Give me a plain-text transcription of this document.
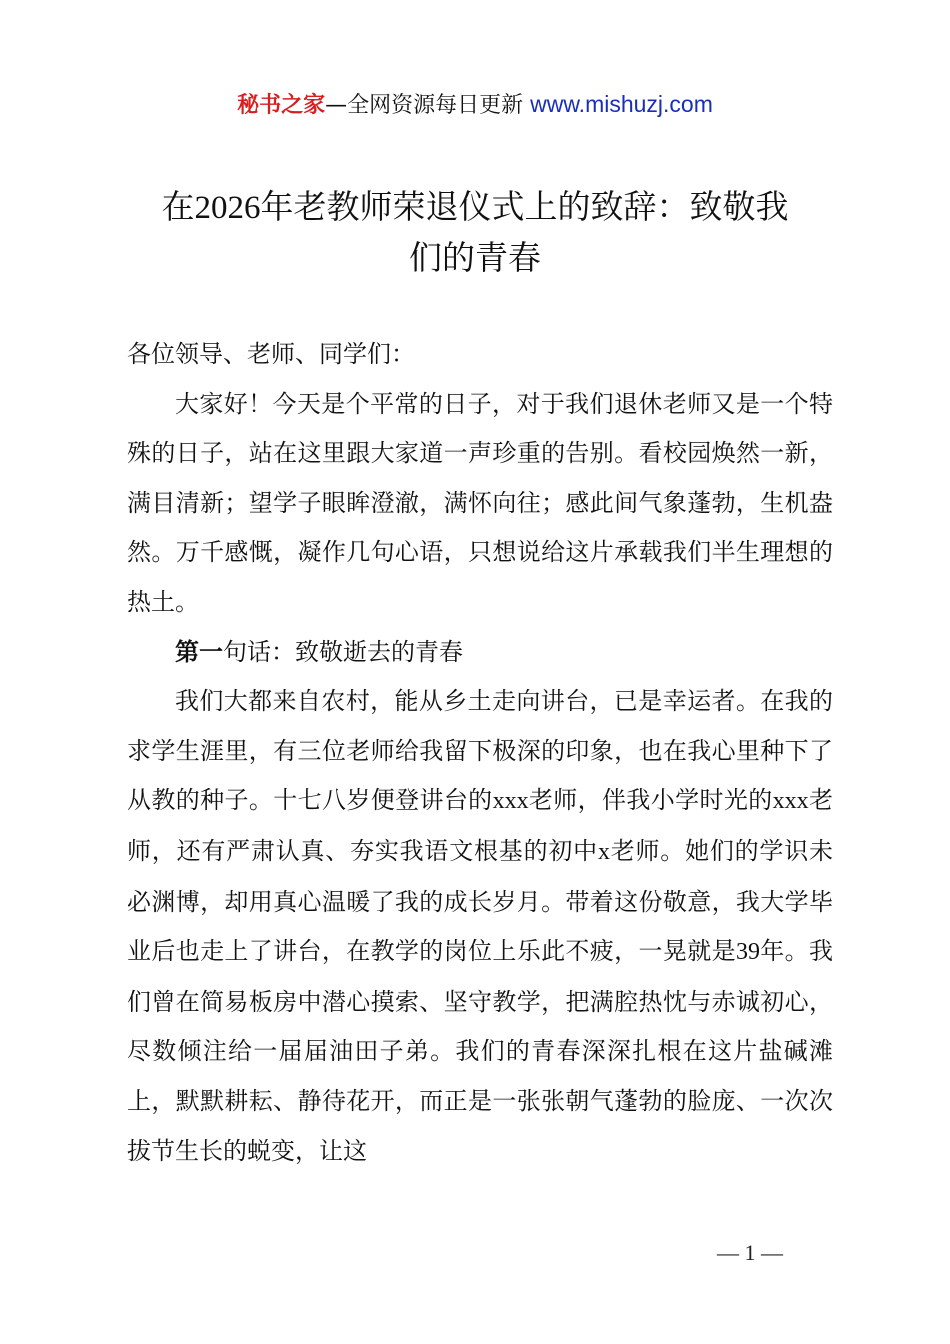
秘书之家—全网资源每日更新 www.mishuzj.com
在2026年老教师荣退仪式上的致辞：致敬我
们的青春

各位领导、老师、同学们：

大家好！今天是个平常的日子，对于我们退休老师又是一个特殊的日子，站在这里跟大家道一声珍重的告别。看校园焕然一新，满目清新；望学子眼眸澄澈，满怀向往；感此间气象蓬勃，生机盎然。万千感慨，凝作几句心语，只想说给这片承载我们半生理想的热土。

第一句话：致敬逝去的青春

我们大都来自农村，能从乡土走向讲台，已是幸运者。在我的求学生涯里，有三位老师给我留下极深的印象，也在我心里种下了从教的种子。十七八岁便登讲台的xxx老师，伴我小学时光的xxx老师，还有严肃认真、夯实我语文根基的初中x老师。她们的学识未必渊博，却用真心温暖了我的成长岁月。带着这份敬意，我大学毕业后也走上了讲台，在教学的岗位上乐此不疲，一晃就是39年。我们曾在简易板房中潜心摸索、坚守教学，把满腔热忱与赤诚初心，尽数倾注给一届届油田子弟。我们的青春深深扎根在这片盐碱滩上，默默耕耘、静待花开，而正是一张张朝气蓬勃的脸庞、一次次拔节生长的蜕变，让这

— 1 —
